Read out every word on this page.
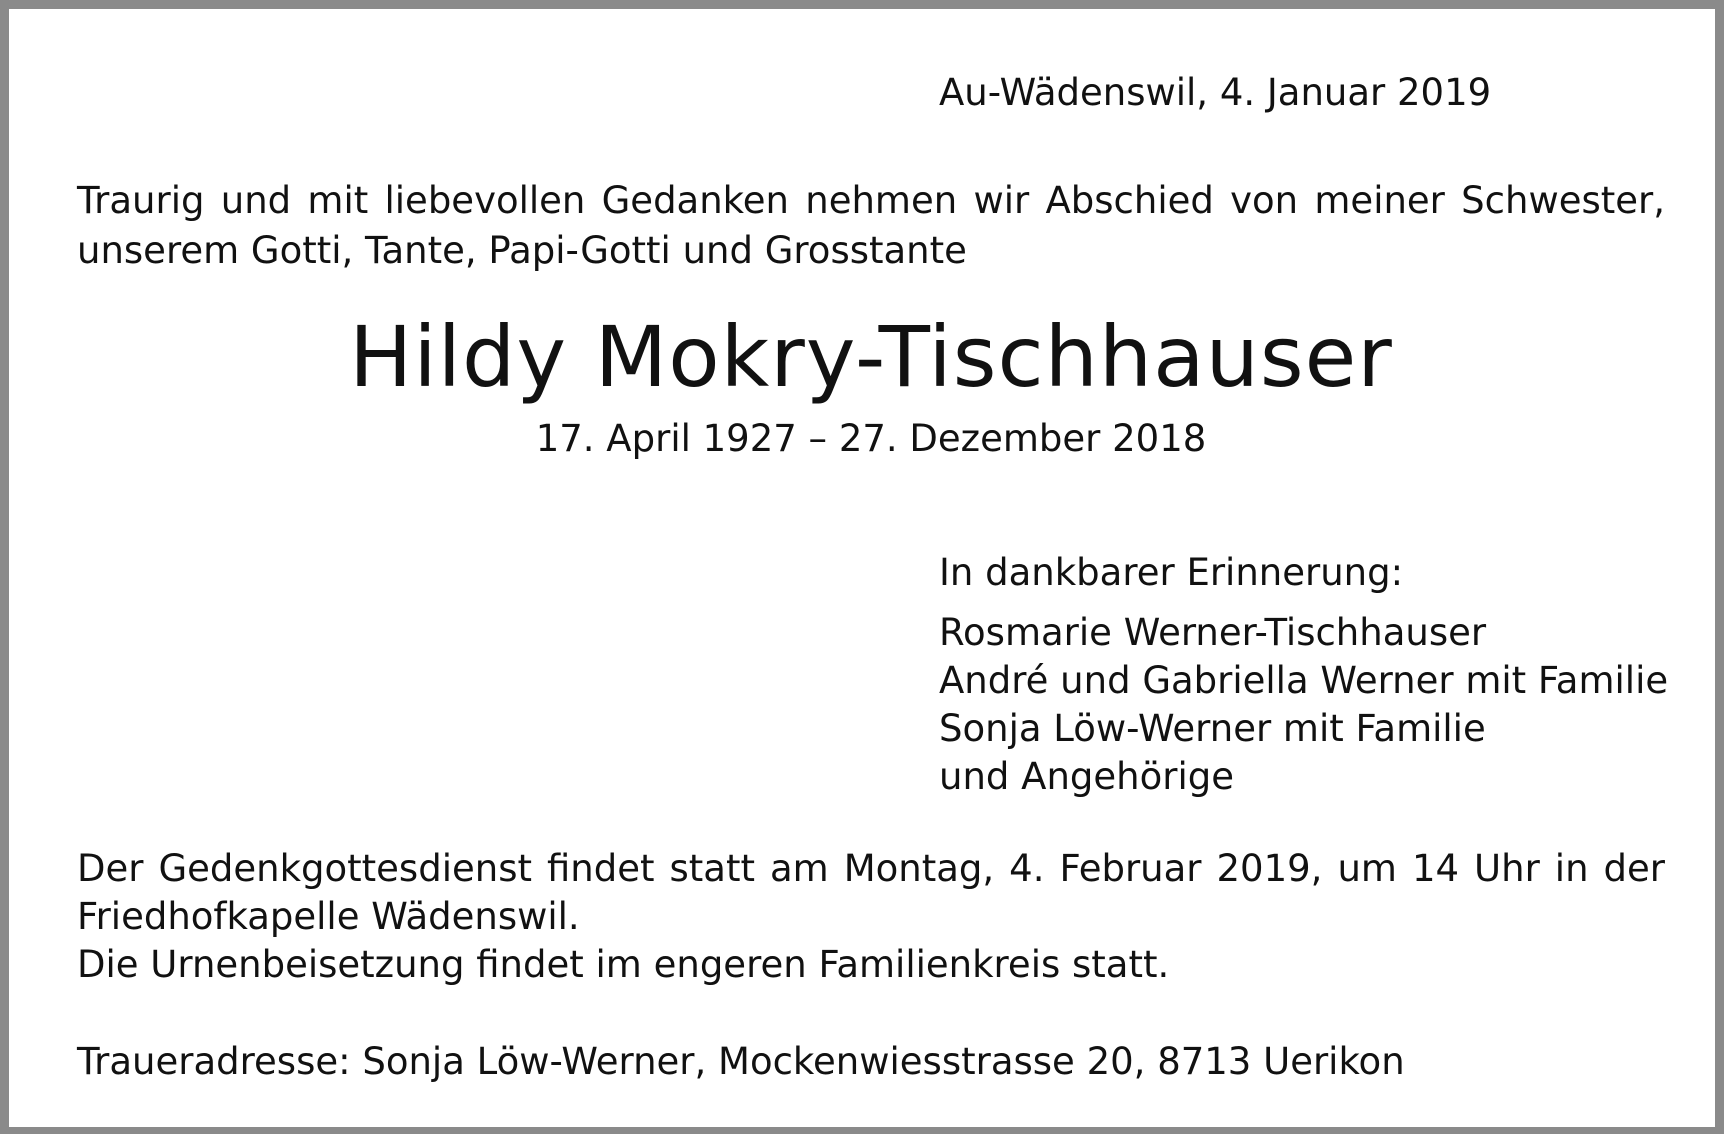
Au-Wädenswil, 4. Januar 2019
Traurig und mit liebevollen Gedanken nehmen wir Abschied von meiner Schwester,
unserem Gotti, Tante, Papi-Gotti und Grosstante
Hildy Mokry-Tischhauser
17. April 1927 – 27. Dezember 2018
In dankbarer Erinnerung:
Rosmarie Werner-Tischhauser
André und Gabriella Werner mit Familie
Sonja Löw-Werner mit Familie
und Angehörige
Der Gedenkgottesdienst findet statt am Montag, 4. Februar 2019, um 14 Uhr in der
Friedhofkapelle Wädenswil.
Die Urnenbeisetzung findet im engeren Familienkreis statt.
Traueradresse: Sonja Löw-Werner, Mockenwiesstrasse 20, 8713 Uerikon
